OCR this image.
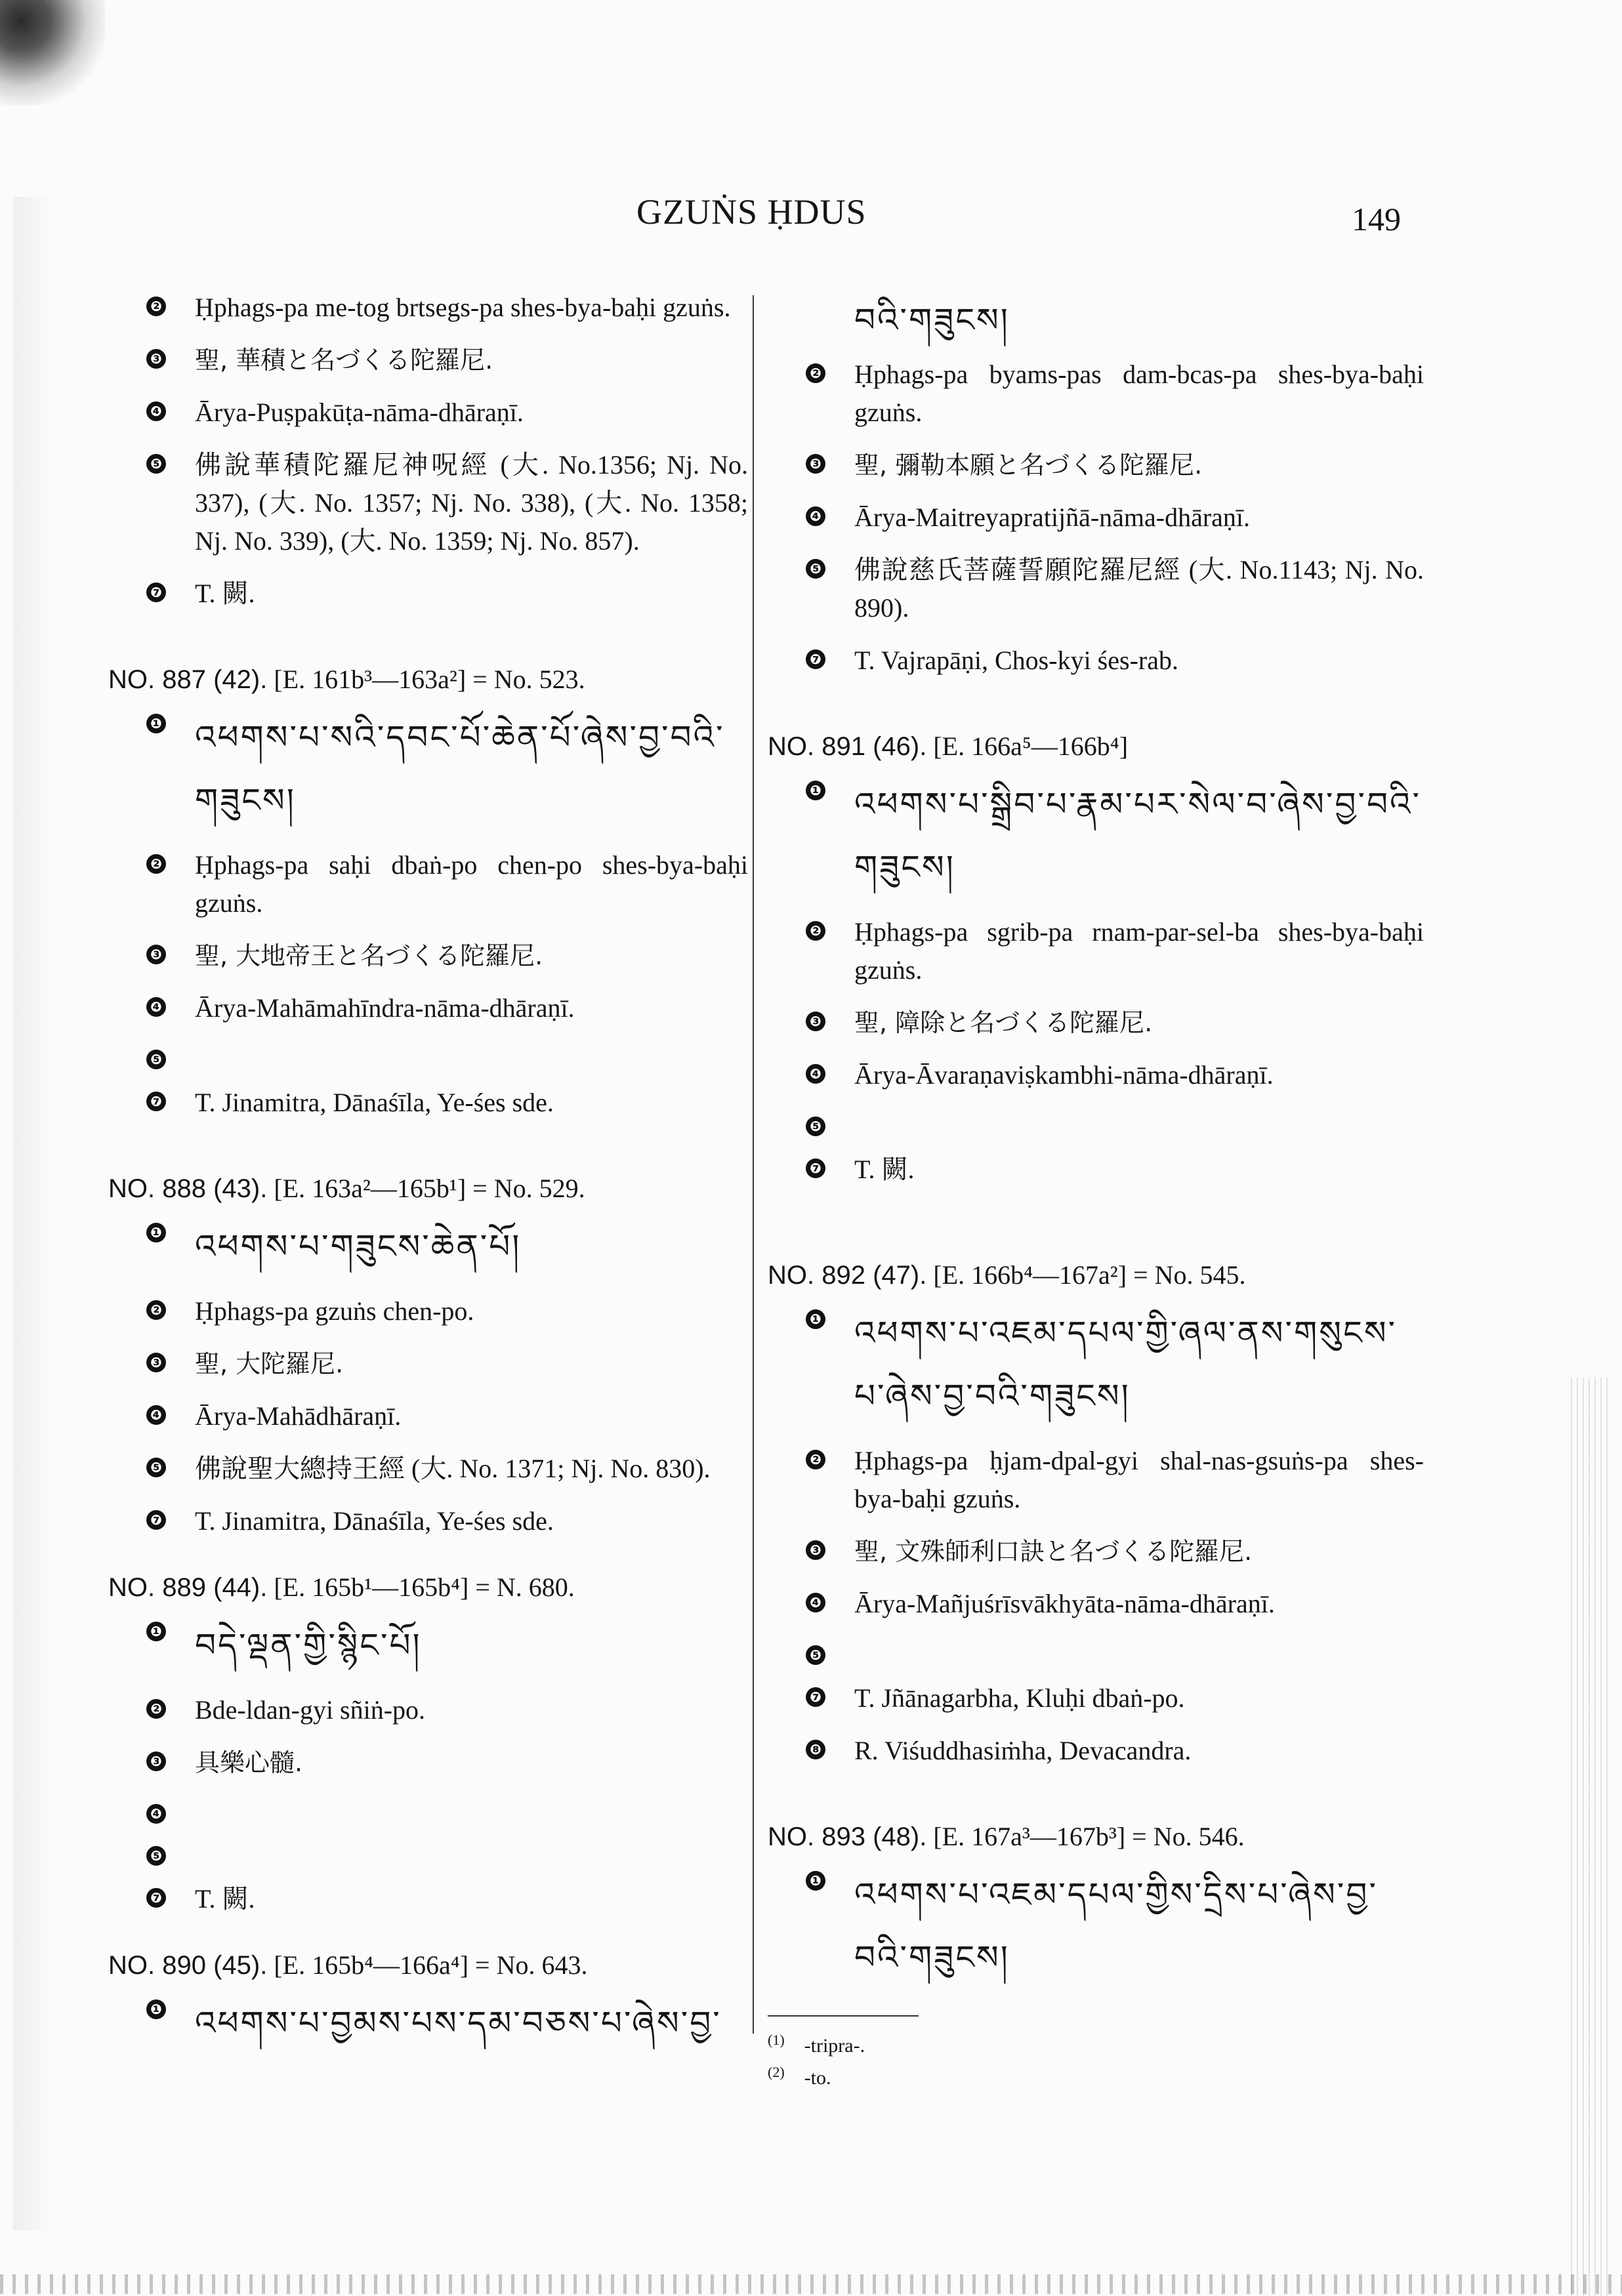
GZUṄS ḤDUS	149
❷ Ḥphags-pa me-tog brtsegs-pa shes-bya-baḥi gzuṅs.
❸ 聖, 華積と名づくる陀羅尼.
❹ Ārya-Puṣpakūṭa-nāma-dhāraṇī.
❺ 佛說華積陀羅尼神呪經 (大. No.1356; Nj. No. 337), (大. No. 1357; Nj. No. 338), (大. No. 1358; Nj. No. 339), (大. No. 1359; Nj. No. 857).
❼ T. 闕.
NO. 887 (42). [E. 161b³—163a²] = No. 523.
❶ འཕགས་པ་སའི་དབང་པོ་ཆེན་པོ་ཞེས་བྱ་བའི་གཟུངས།
❷ Ḥphags-pa saḥi dbaṅ-po chen-po shes-bya-baḥi gzuṅs.
❸ 聖, 大地帝王と名づくる陀羅尼.
❹ Ārya-Mahāmahīndra-nāma-dhāraṇī.
❺
❼ T. Jinamitra, Dānaśīla, Ye-śes sde.
NO. 888 (43). [E. 163a²—165b¹] = No. 529.
❶ འཕགས་པ་གཟུངས་ཆེན་པོ།
❷ Ḥphags-pa gzuṅs chen-po.
❸ 聖, 大陀羅尼.
❹ Ārya-Mahādhāraṇī.
❺ 佛說聖大總持王經 (大. No. 1371; Nj. No. 830).
❼ T. Jinamitra, Dānaśīla, Ye-śes sde.
NO. 889 (44). [E. 165b¹—165b⁴] = N. 680.
❶ བདེ་ལྡན་གྱི་སྙིང་པོ།
❷ Bde-ldan-gyi sñiṅ-po.
❸ 具樂心髓.
❹
❺
❼ T. 闕.
NO. 890 (45). [E. 165b⁴—166a⁴] = No. 643.
❶ འཕགས་པ་བྱམས་པས་དམ་བཅས་པ་ཞེས་བྱ་
བའི་གཟུངས།
❷ Ḥphags-pa byams-pas dam-bcas-pa shes-bya-baḥi gzuṅs.
❸ 聖, 彌勒本願と名づくる陀羅尼.
❹ Ārya-Maitreyapratijñā-nāma-dhāraṇī.
❺ 佛說慈氏菩薩誓願陀羅尼經 (大. No.1143; Nj. No. 890).
❼ T. Vajrapāṇi, Chos-kyi śes-rab.
NO. 891 (46). [E. 166a⁵—166b⁴]
❶ འཕགས་པ་སྒྲིབ་པ་རྣམ་པར་སེལ་བ་ཞེས་བྱ་བའི་གཟུངས།
❷ Ḥphags-pa sgrib-pa rnam-par-sel-ba shes-bya-baḥi gzuṅs.
❸ 聖, 障除と名づくる陀羅尼.
❹ Ārya-Āvaraṇaviṣkambhi-nāma-dhāraṇī.
❺
❼ T. 闕.
NO. 892 (47). [E. 166b⁴—167a²] = No. 545.
❶ འཕགས་པ་འཇམ་དཔལ་གྱི་ཞལ་ནས་གསུངས་པ་ཞེས་བྱ་བའི་གཟུངས།
❷ Ḥphags-pa ḥjam-dpal-gyi shal-nas-gsuṅs-pa shes-bya-baḥi gzuṅs.
❸ 聖, 文殊師利口訣と名づくる陀羅尼.
❹ Ārya-Mañjuśrīsvākhyāta-nāma-dhāraṇī.
❺
❼ T. Jñānagarbha, Kluḥi dbaṅ-po.
❽ R. Viśuddhasiṁha, Devacandra.
NO. 893 (48). [E. 167a³—167b³] = No. 546.
❶ འཕགས་པ་འཇམ་དཔལ་གྱིས་དྲིས་པ་ཞེས་བྱ་བའི་གཟུངས།
$^{(1)}$ -tripra-.
$^{(2)}$ -to.
